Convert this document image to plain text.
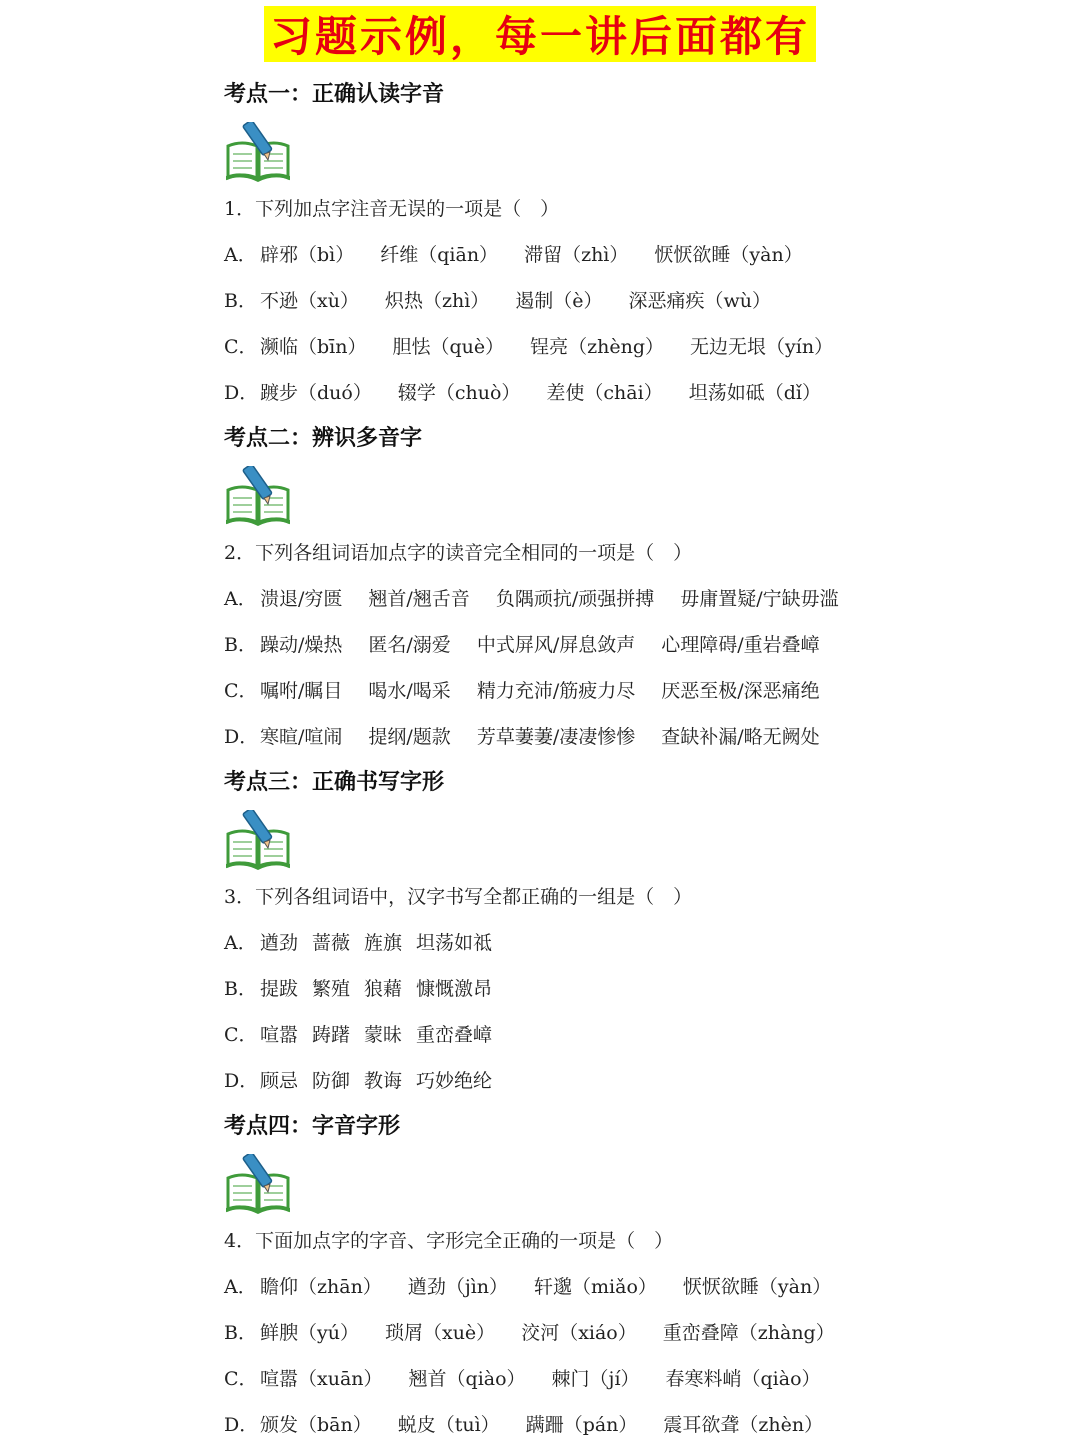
习题示例，每一讲后面都有
考点一：正确认读字音
1．下列加点字注音无误的一项是（　）
A． 辟邪（bì） 纤维（qiān） 滞留（zhì） 恹恹欲睡（yàn）
B． 不逊（xù） 炽热（zhì） 遏制（è） 深恶痛疾（wù）
C． 濒临（bīn） 胆怯（què） 锃亮（zhèng） 无边无垠（yín）
D． 踱步（duó） 辍学（chuò） 差使（chāi） 坦荡如砥（dǐ）
考点二：辨识多音字
2．下列各组词语加点字的读音完全相同的一项是（　）
A． 溃退/穷匮 翘首/翘舌音 负隅顽抗/顽强拼搏 毋庸置疑/宁缺毋滥
B． 躁动/燥热 匿名/溺爱 中式屏风/屏息敛声 心理障碍/重岩叠嶂
C． 嘱咐/瞩目 喝水/喝采 精力充沛/筋疲力尽 厌恶至极/深恶痛绝
D． 寒暄/喧闹 提纲/题款 芳草萋萋/凄凄惨惨 查缺补漏/略无阙处
考点三：正确书写字形
3．下列各组词语中，汉字书写全都正确的一组是（　）
A． 遒劲 蔷薇 旌旗 坦荡如祗
B． 提跋 繁殖 狼藉 慷慨激昂
C． 喧嚣 踌躇 蒙昧 重峦叠嶂
D． 顾忌 防御 教诲 巧妙绝纶
考点四：字音字形
4．下面加点字的字音、字形完全正确的一项是（　）
A． 瞻仰（zhān） 遒劲（jìn） 轩邈（miǎo） 恹恹欲睡（yàn）
B． 鲜腴（yú） 琐屑（xuè） 洨河（xiáo） 重峦叠障（zhàng）
C． 喧嚣（xuān） 翘首（qiào） 棘门（jí） 春寒料峭（qiào）
D． 颁发（bān） 蜕皮（tuì） 蹒跚（pán） 震耳欲聋（zhèn）
